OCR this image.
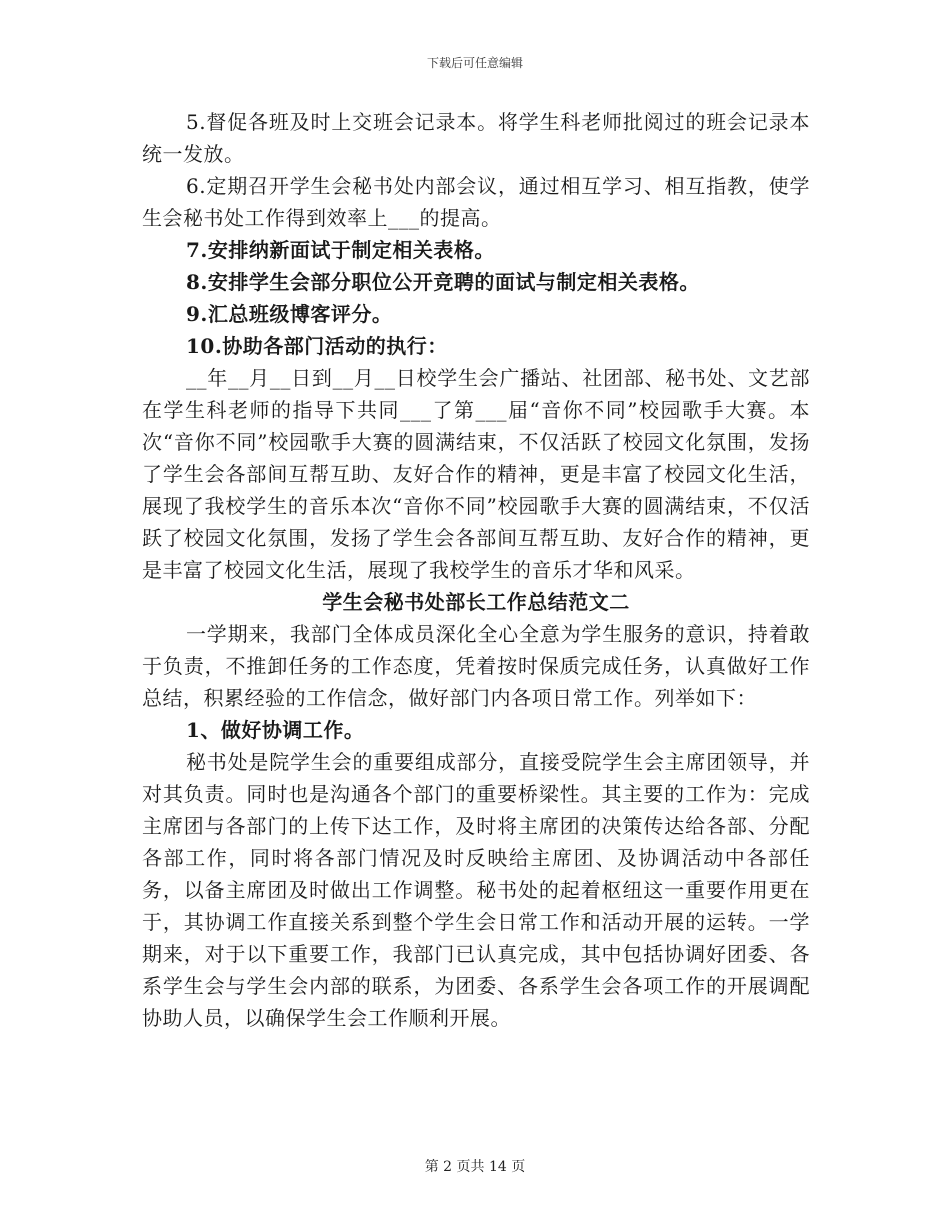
下载后可任意编辑
5.督促各班及时上交班会记录本。将学生科老师批阅过的班会记录本统一发放。
6.定期召开学生会秘书处内部会议，通过相互学习、相互指教，使学生会秘书处工作得到效率上___的提高。
7.安排纳新面试于制定相关表格。
8.安排学生会部分职位公开竞聘的面试与制定相关表格。
9.汇总班级博客评分。
10.协助各部门活动的执行：
__年__月__日到__月__日校学生会广播站、社团部、秘书处、文艺部在学生科老师的指导下共同___了第___届“音你不同”校园歌手大赛。本次“音你不同”校园歌手大赛的圆满结束，不仅活跃了校园文化氛围，发扬了学生会各部间互帮互助、友好合作的精神，更是丰富了校园文化生活，展现了我校学生的音乐本次“音你不同”校园歌手大赛的圆满结束，不仅活跃了校园文化氛围，发扬了学生会各部间互帮互助、友好合作的精神，更是丰富了校园文化生活，展现了我校学生的音乐才华和风采。
学生会秘书处部长工作总结范文二
一学期来，我部门全体成员深化全心全意为学生服务的意识，持着敢于负责，不推卸任务的工作态度，凭着按时保质完成任务，认真做好工作总结，积累经验的工作信念，做好部门内各项日常工作。列举如下：
1、做好协调工作。
秘书处是院学生会的重要组成部分，直接受院学生会主席团领导，并对其负责。同时也是沟通各个部门的重要桥梁性。其主要的工作为：完成主席团与各部门的上传下达工作，及时将主席团的决策传达给各部、分配各部工作，同时将各部门情况及时反映给主席团、及协调活动中各部任务，以备主席团及时做出工作调整。秘书处的起着枢纽这一重要作用更在于，其协调工作直接关系到整个学生会日常工作和活动开展的运转。一学期来，对于以下重要工作，我部门已认真完成，其中包括协调好团委、各系学生会与学生会内部的联系，为团委、各系学生会各项工作的开展调配协助人员，以确保学生会工作顺利开展。
第 2 页共 14 页
